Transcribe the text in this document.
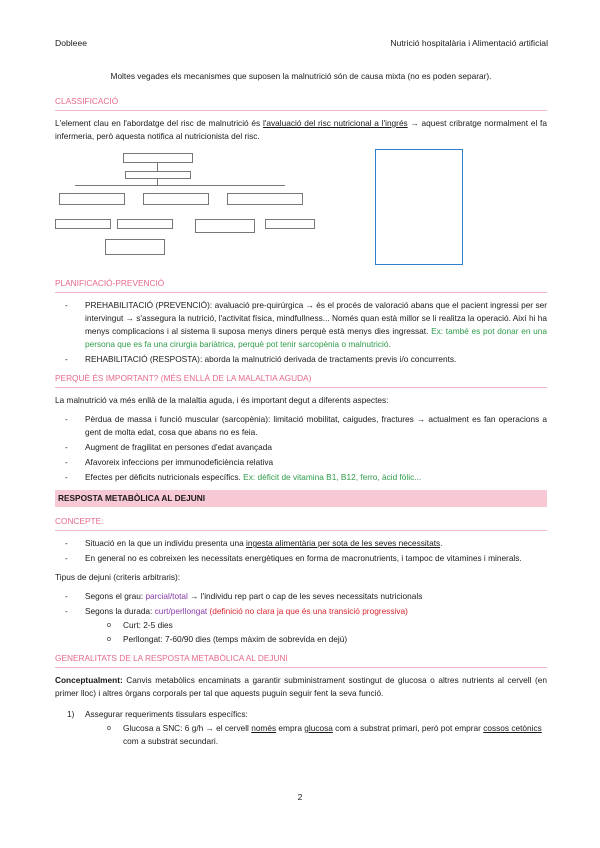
Dobleee	Nutrició hospitalària i Alimentació artificial

Moltes vegades els mecanismes que suposen la malnutrició són de causa mixta (no es poden separar).

CLASSIFICACIÓ

L'element clau en l'abordatge del risc de malnutrició és l'avaluació del risc nutricional a l'ingrés → aquest cribratge normalment el fa infermeria, però aquesta notifica al nutricionista del risc.

PLANIFICACIÓ-PREVENCIÓ
- PREHABILITACIÓ (PREVENCIÓ): avaluació pre-quirúrgica → és el procés de valoració abans que el pacient ingressi per ser intervingut → s'assegura la nutrició, l'activitat física, mindfullness... Només quan està millor se li realitza la operació. Així hi ha menys complicacions i al sistema li suposa menys diners perquè està menys dies ingressat. Ex: també es pot donar en una persona que es fa una cirurgia bariàtrica, perquè pot tenir sarcopènia o malnutrició.
- REHABILITACIÓ (RESPOSTA): aborda la malnutrició derivada de tractaments previs i/o concurrents.
PERQUÈ ÉS IMPORTANT? (MÉS ENLLÀ DE LA MALALTIA AGUDA)

La malnutrició va més enllà de la malaltia aguda, i és important degut a diferents aspectes:

- Pèrdua de massa i funció muscular (sarcopènia): limitació mobilitat, caigudes, fractures → actualment es fan operacions a gent de molta edat, cosa que abans no es feia.
- Augment de fragilitat en persones d'edat avançada
- Afavoreix infeccions per immunodeficiència relativa
- Efectes per dèficits nutricionals específics. Ex: dèficit de vitamina B1, B12, ferro, àcid fòlic...
RESPOSTA METABÒLICA AL DEJUNI
CONCEPTE:
- Situació en la que un individu presenta una ingesta alimentària per sota de les seves necessitats.
- En general no es cobreixen les necessitats energètiques en forma de macronutrients, i tampoc de vitamines i minerals.

Tipus de dejuni (criteris arbitraris):

- Segons el grau: parcial/total → l'individu rep part o cap de les seves necessitats nutricionals
- Segons la durada: curt/perllongat (definició no clara ja que és una transició progressiva)
o Curt: 2-5 dies
o Perllongat: 7-60/90 dies (temps màxim de sobrevida en dejú)
GENERALITATS DE LA RESPOSTA METABÒLICA AL DEJUNI

Conceptualment: Canvis metabòlics encaminats a garantir subministrament sostingut de glucosa o altres nutrients al cervell (en primer lloc) i altres òrgans corporals per tal que aquests puguin seguir fent la seva funció.

1) Assegurar requeriments tissulars específics:
o Glucosa a SNC: 6 g/h → el cervell només empra glucosa com a substrat primari, però pot emprar cossos cetònics com a substrat secundari.
2
